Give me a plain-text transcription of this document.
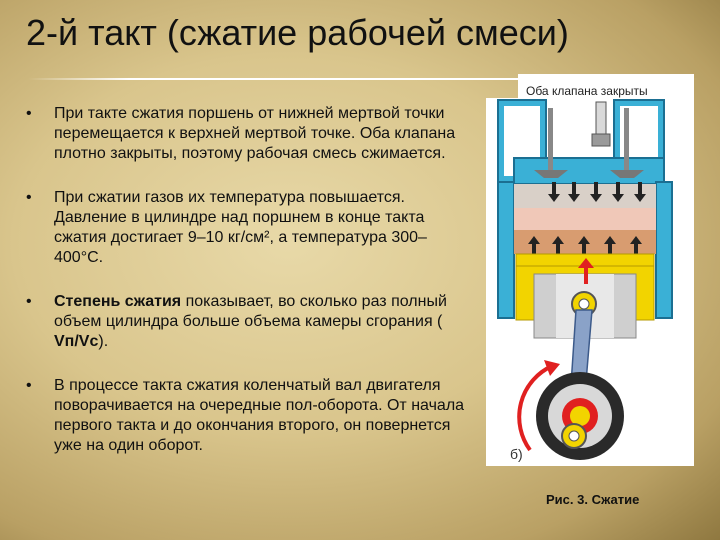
2-й такт (сжатие рабочей смеси)
• При такте сжатия поршень от нижней мертвой точки перемещается к верхней мертвой точке. Оба клапана плотно закрыты, поэтому рабочая смесь сжимается.
• При сжатии газов их температура повышается. Давление в цилиндре над поршнем в конце такта сжатия достигает 9–10 кг/см², а температура 300–400°С.
• Степень сжатия показывает, во сколько раз полный объем цилиндра больше объема камеры сгорания ( Vп/Vс).
• В процессе такта сжатия коленчатый вал двигателя поворачивается на очередные пол-оборота. От начала первого такта и до окончания второго, он повернется уже на один оборот.
Оба клапана закрыты
б)
Рис. 3. Сжатие
